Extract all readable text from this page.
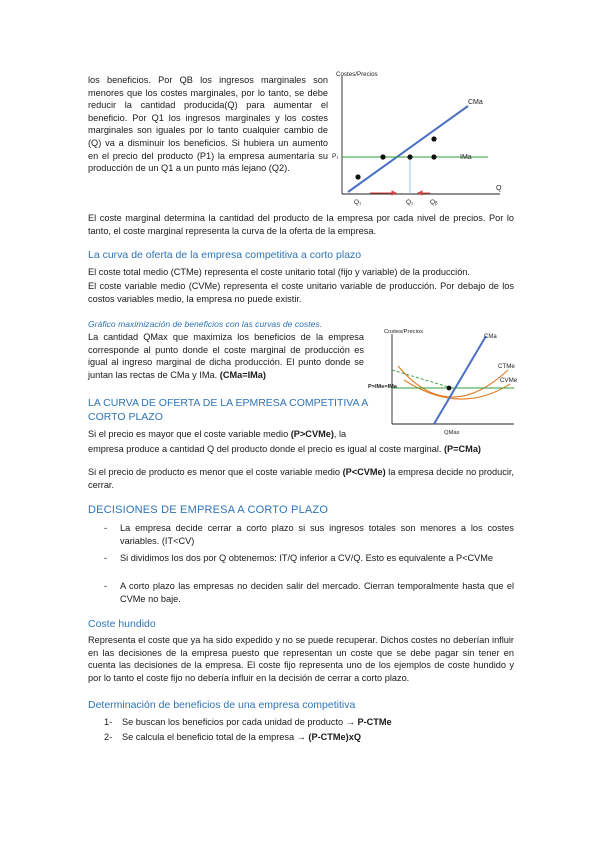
los beneficios. Por QB los ingresos marginales son menores que los costes marginales, por lo tanto, se debe reducir la cantidad producida(Q) para aumentar el beneficio. Por Q1 los ingresos marginales y los costes marginales son iguales por lo tanto cualquier cambio de (Q) va a disminuir los beneficios. Si hubiera un aumento en el precio del producto (P1) la empresa aumentaría su producción de un Q1 a un punto más lejano (Q2).

Costes/Precios
Q
CMa
IMa
P₁
Q₁	Q₁	Qᵦ

El coste marginal determina la cantidad del producto de la empresa por cada nivel de precios. Por lo tanto, el coste marginal representa la curva de la oferta de la empresa.

La curva de oferta de la empresa competitiva a corto plazo

El coste total medio (CTMe) representa el coste unitario total (fijo y variable) de la producción.

El coste variable medio (CVMe) representa el coste unitario variable de producción. Por debajo de los costos variables medio, la empresa no puede existir.

Gráfico maximización de beneficios con las curvas de costes.

La cantidad QMax que maximiza los beneficios de la empresa corresponde al punto donde el coste marginal de producción es igual al ingreso marginal de dicha producción. El punto donde se juntan las rectas de CMa y IMa. (CMa=IMa)

Costes/Precios
CTMe
CVMe
P=IMe=IMa
CMa
QMax

LA CURVA DE OFERTA DE LA EPMRESA COMPETITIVA A

CORTO PLAZO

Si el precio es mayor que el coste variable medio (P>CVMe), la

empresa produce a cantidad Q del producto donde el precio es igual al coste marginal. (P=CMa)

Si el precio de producto es menor que el coste variable medio (P<CVMe) la empresa decide no producir, cerrar.

DECISIONES DE EMPRESA A CORTO PLAZO

- La empresa decide cerrar a corto plazo si sus ingresos totales son menores a los costes variables. (IT<CV)

- Si dividimos los dos por Q obtenemos: IT/Q inferior a CV/Q. Esto es equivalente a P<CVMe

- A corto plazo las empresas no deciden salir del mercado. Cierran temporalmente hasta que el CVMe no baje.

Coste hundido

Representa el coste que ya ha sido expedido y no se puede recuperar. Dichos costes no deberían influir en las decisiones de la empresa puesto que representan un coste que se debe pagar sin tener en cuenta las decisiones de la empresa. El coste fijo representa uno de los ejemplos de coste hundido y por lo tanto el coste fijo no debería influir en la decisión de cerrar a corto plazo.

Determinación de beneficios de una empresa competitiva

1- Se buscan los beneficios por cada unidad de producto → P-CTMe

2- Se calcula el beneficio total de la empresa → (P-CTMe)xQ
